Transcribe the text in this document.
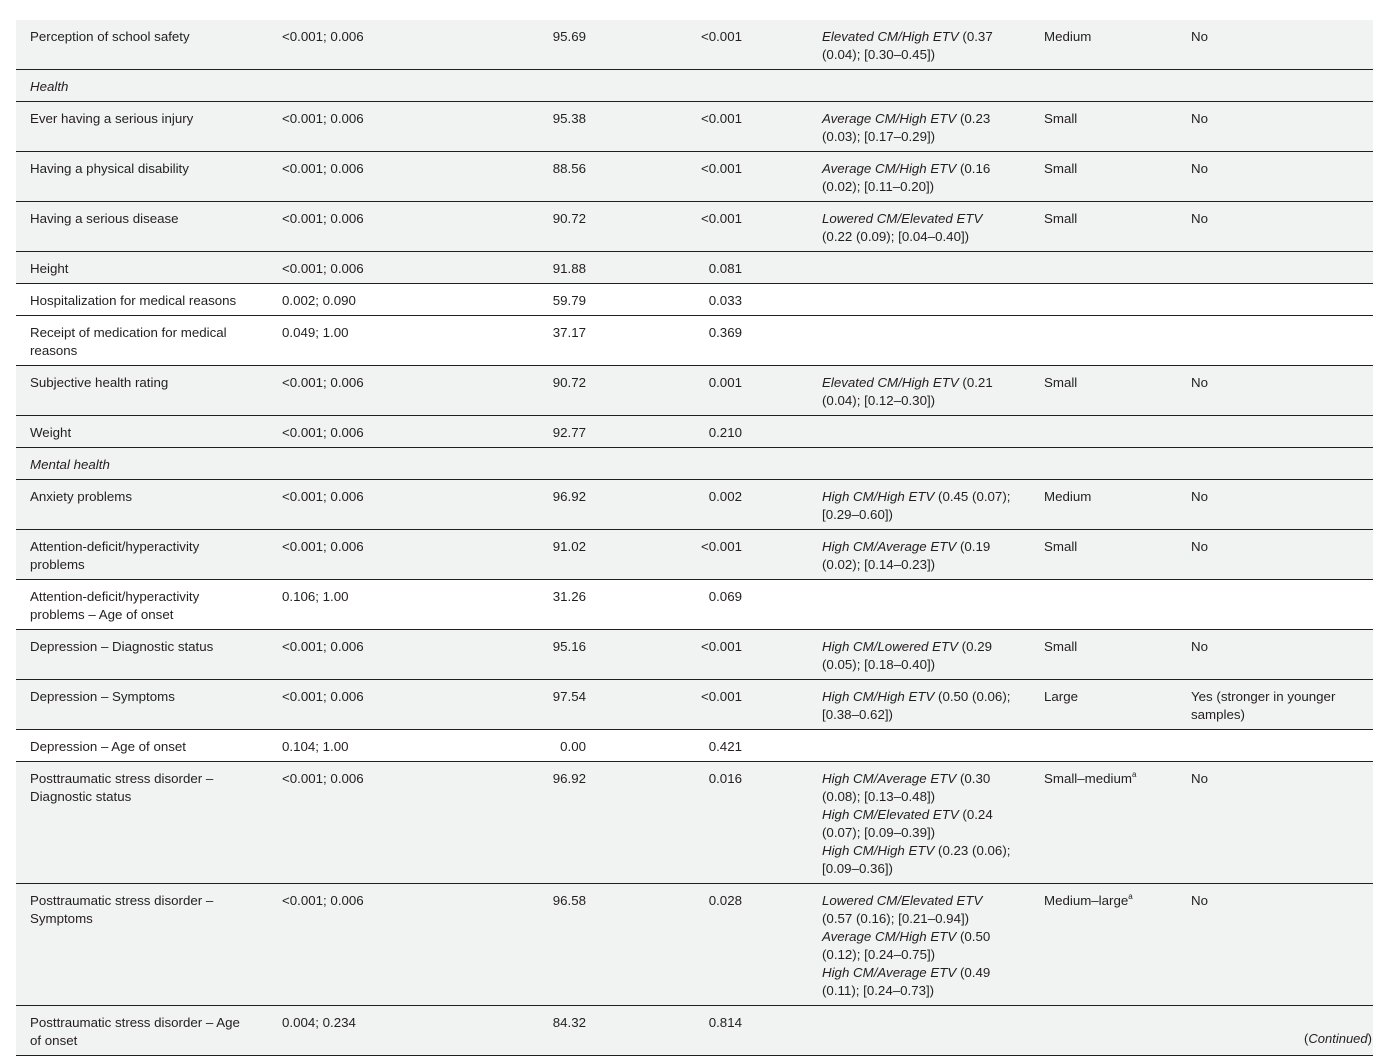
Perception of school safety	<0.001; 0.006	95.69	<0.001	Elevated CM/High ETV (0.37 (0.04); [0.30–0.45])	Medium	No
Health						
Ever having a serious injury	<0.001; 0.006	95.38	<0.001	Average CM/High ETV (0.23 (0.03); [0.17–0.29])	Small	No
Having a physical disability	<0.001; 0.006	88.56	<0.001	Average CM/High ETV (0.16 (0.02); [0.11–0.20])	Small	No
Having a serious disease	<0.001; 0.006	90.72	<0.001	Lowered CM/Elevated ETV (0.22 (0.09); [0.04–0.40])	Small	No
Height	<0.001; 0.006	91.88	0.081			
Hospitalization for medical reasons	0.002; 0.090	59.79	0.033			
Receipt of medication for medical reasons	0.049; 1.00	37.17	0.369			
Subjective health rating	<0.001; 0.006	90.72	0.001	Elevated CM/High ETV (0.21 (0.04); [0.12–0.30])	Small	No
Weight	<0.001; 0.006	92.77	0.210			
Mental health						
Anxiety problems	<0.001; 0.006	96.92	0.002	High CM/High ETV (0.45 (0.07); [0.29–0.60])	Medium	No
Attention-deficit/hyperactivity problems	<0.001; 0.006	91.02	<0.001	High CM/Average ETV (0.19 (0.02); [0.14–0.23])	Small	No
Attention-deficit/hyperactivity problems – Age of onset	0.106; 1.00	31.26	0.069			
Depression – Diagnostic status	<0.001; 0.006	95.16	<0.001	High CM/Lowered ETV (0.29 (0.05); [0.18–0.40])	Small	No
Depression – Symptoms	<0.001; 0.006	97.54	<0.001	High CM/High ETV (0.50 (0.06); [0.38–0.62])	Large	Yes (stronger in younger samples)
Depression – Age of onset	0.104; 1.00	0.00	0.421			
Posttraumatic stress disorder – Diagnostic status	<0.001; 0.006	96.92	0.016	High CM/Average ETV (0.30 (0.08); [0.13–0.48])
High CM/Elevated ETV (0.24 (0.07); [0.09–0.39])
High CM/High ETV (0.23 (0.06); [0.09–0.36])	Small–medium$^a$	No
Posttraumatic stress disorder – Symptoms	<0.001; 0.006	96.58	0.028	Lowered CM/Elevated ETV (0.57 (0.16); [0.21–0.94])
Average CM/High ETV (0.50 (0.12); [0.24–0.75])
High CM/Average ETV (0.49 (0.11); [0.24–0.73])	Medium–large$^a$	No
Posttraumatic stress disorder – Age of onset	0.004; 0.234	84.32	0.814			
(Continued)
